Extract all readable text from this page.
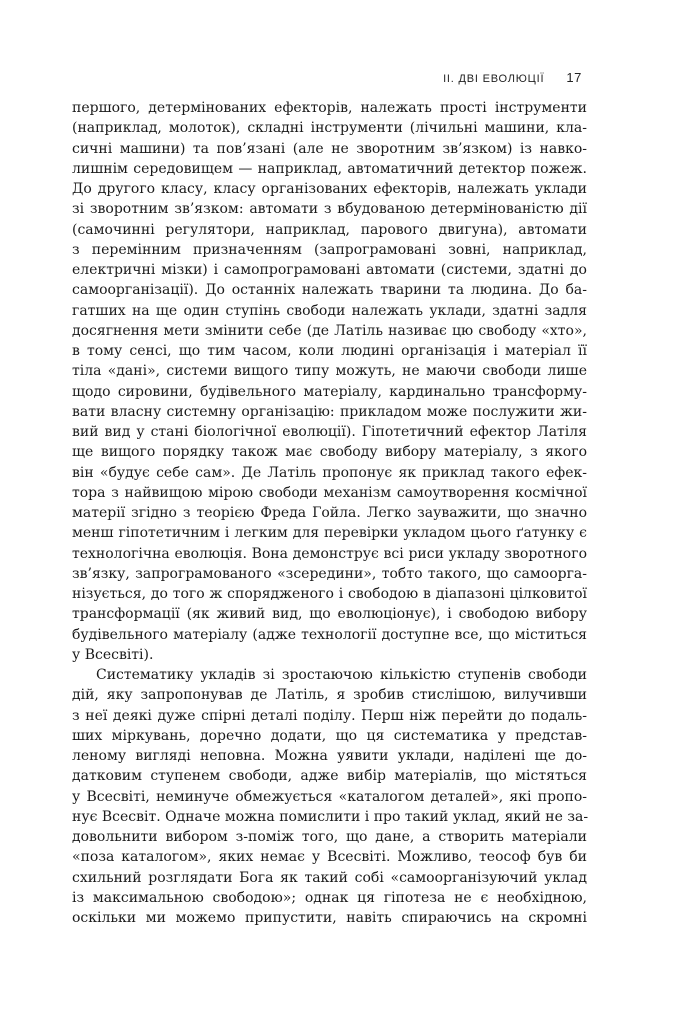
II. ДВІ ЕВОЛЮЦІЇ 17
першого, детермінованих ефекторів, належать прості інструменти
(наприклад, молоток), складні інструменти (лічильні машини, кла-
сичні машини) та пов’язані (але не зворотним зв’язком) із навко-
лишнім середовищем — наприклад, автоматичний детектор пожеж.
До другого класу, класу організованих ефекторів, належать уклади
зі зворотним зв’язком: автомати з вбудованою детермінованістю дії
(самочинні регулятори, наприклад, парового двигуна), автомати
з перемінним призначенням (запрограмовані зовні, наприклад,
електричні мізки) і самопрограмовані автомати (системи, здатні до
самоорганізації). До останніх належать тварини та людина. До ба-
гатших на ще один ступінь свободи належать уклади, здатні задля
досягнення мети змінити себе (де Латіль називає цю свободу «хто»,
в тому сенсі, що тим часом, коли людині організація і матеріал її
тіла «дані», системи вищого типу можуть, не маючи свободи лише
щодо сировини, будівельного матеріалу, кардинально трансформу-
вати власну системну організацію: прикладом може послужити жи-
вий вид у стані біологічної еволюції). Гіпотетичний ефектор Латіля
ще вищого порядку також має свободу вибору матеріалу, з якого
він «будує себе сам». Де Латіль пропонує як приклад такого ефек-
тора з найвищою мірою свободи механізм самоутворення космічної
матерії згідно з теорією Фреда Гойла. Легко зауважити, що значно
менш гіпотетичним і легким для перевірки укладом цього ґатунку є
технологічна еволюція. Вона демонструє всі риси укладу зворотного
зв’язку, запрограмованого «зсередини», тобто такого, що самоорга-
нізується, до того ж спорядженого і свободою в діапазоні цілковитої
трансформації (як живий вид, що еволюціонує), і свободою вибору
будівельного матеріалу (адже технології доступне все, що міститься
у Всесвіті).
Систематику укладів зі зростаючою кількістю ступенів свободи
дій, яку запропонував де Латіль, я зробив стислішою, вилучивши
з неї деякі дуже спірні деталі поділу. Перш ніж перейти до подаль-
ших міркувань, доречно додати, що ця систематика у представ-
леному вигляді неповна. Можна уявити уклади, наділені ще до-
датковим ступенем свободи, адже вибір матеріалів, що містяться
у Всесвіті, неминуче обмежується «каталогом деталей», які пропо-
нує Всесвіт. Одначе можна помислити і про такий уклад, який не за-
довольнити вибором з-поміж того, що дане, а створить матеріали
«поза каталогом», яких немає у Всесвіті. Можливо, теософ був би
схильний розглядати Бога як такий собі «самоорганізуючий уклад
із максимальною свободою»; однак ця гіпотеза не є необхідною,
оскільки ми можемо припустити, навіть спираючись на скромні
